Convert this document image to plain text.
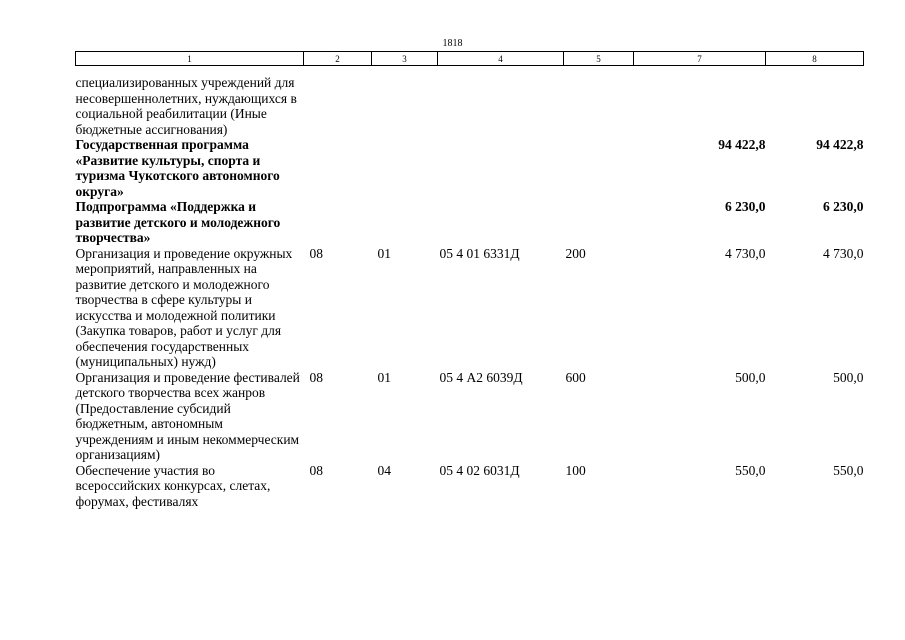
1818
1	2	3	4	5	7	8
специализированных учреждений для несовершеннолетних, нуждающихся в социальной реабилитации (Иные бюджетные ассигнования)						
Государственная программа «Развитие культуры, спорта и туризма Чукотского автономного округа»					94 422,8	94 422,8
Подпрограмма «Поддержка и развитие детского и молодежного творчества»					6 230,0	6 230,0
Организация и проведение окружных мероприятий, направленных на развитие детского и молодежного творчества в сфере культуры и искусства и молодежной политики (Закупка товаров, работ и услуг для обеспечения государственных (муниципальных) нужд)	08	01	05 4 01 6331Д	200	4 730,0	4 730,0
Организация и проведение фестивалей детского творчества всех жанров (Предоставление субсидий бюджетным, автономным учреждениям и иным некоммерческим организациям)	08	01	05 4 А2 6039Д	600	500,0	500,0
Обеспечение участия во всероссийских конкурсах, слетах, форумах, фестивалях	08	04	05 4 02 6031Д	100	550,0	550,0
